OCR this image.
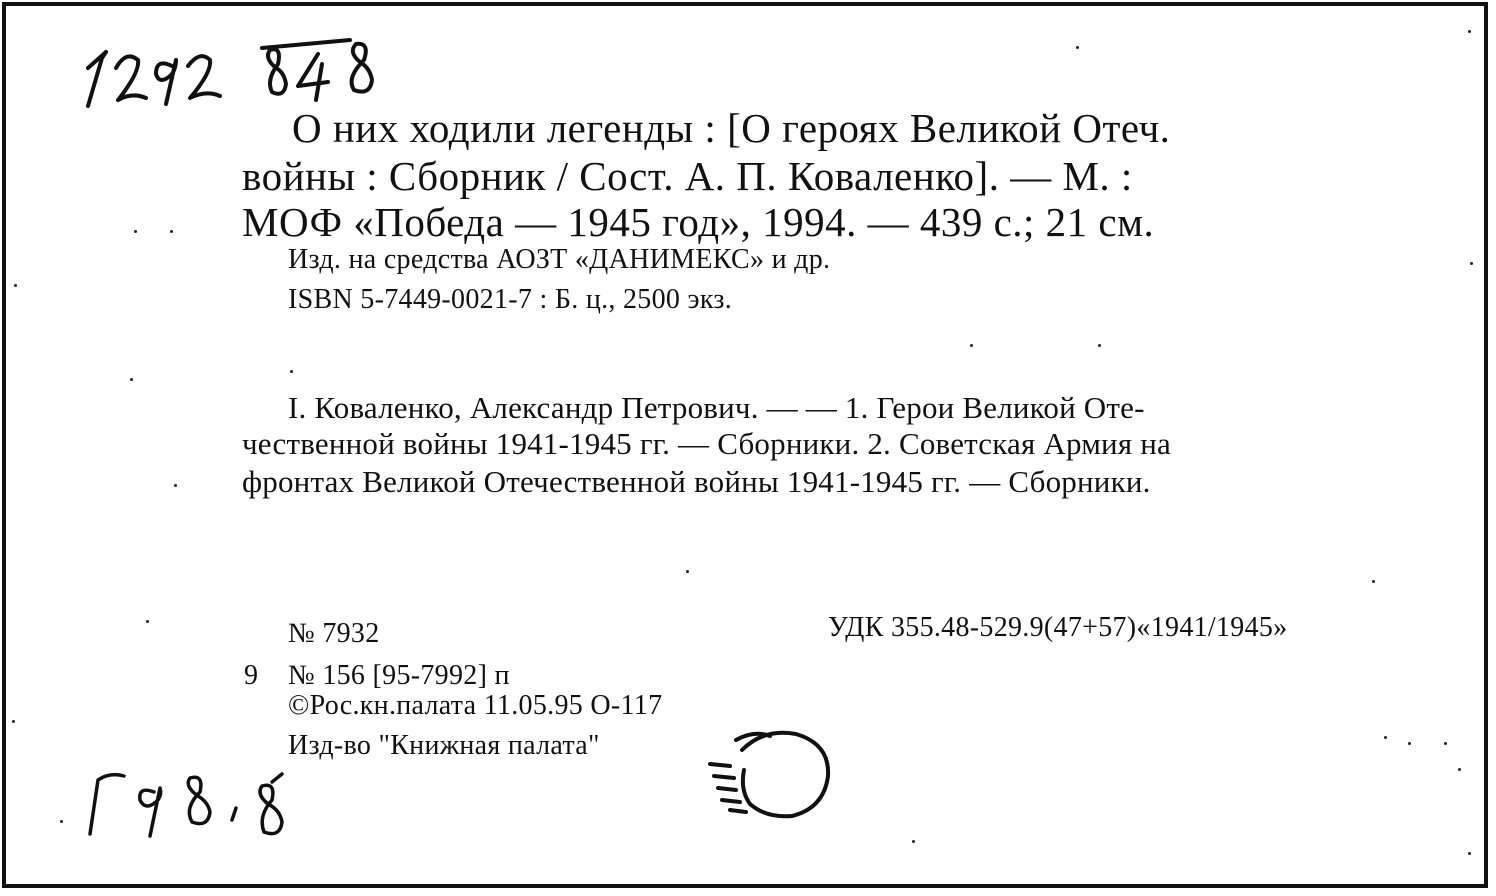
О них ходили легенды : [О героях Великой Отеч.
войны : Сборник / Сост. А. П. Коваленко]. — М. :
МОФ «Победа — 1945 год», 1994. — 439 с.; 21 см.
Изд. на средства АОЗТ «ДАНИМЕКС» и др.
ISBN 5-7449-0021-7 : Б. ц., 2500 экз.
I. Коваленко, Александр Петрович. — — 1. Герои Великой Оте-
чественной войны 1941-1945 гг. — Сборники. 2. Советская Армия на
фронтах Великой Отечественной войны 1941-1945 гг. — Сборники.
№ 7932	УДК 355.48-529.9(47+57)«1941/1945»
9 № 156 [95-7992] п
©Рос.кн.палата 11.05.95 О-117
Изд-во "Книжная палата"
